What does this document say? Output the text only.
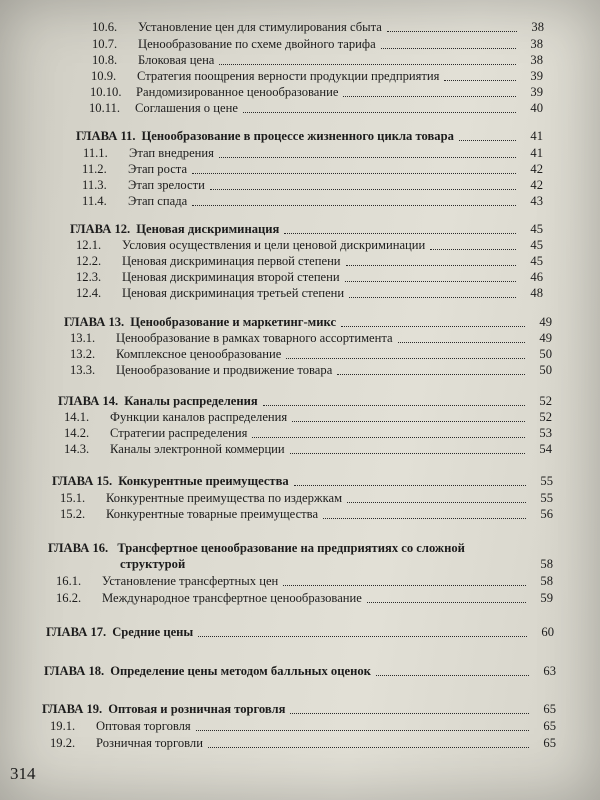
10.6.	Установление цен для стимулирования сбыта	38
10.7.	Ценообразование по схеме двойного тарифа	38
10.8.	Блоковая цена	38
10.9.	Стратегия поощрения верности продукции предприятия	39
10.10.	Рандомизированное ценообразование	39
10.11.	Соглашения о цене	40
ГЛАВА 11. Ценообразование в процессе жизненного цикла товара	41
11.1.	Этап внедрения	41
11.2.	Этап роста	42
11.3.	Этап зрелости	42
11.4.	Этап спада	43
ГЛАВА 12. Ценовая дискриминация	45
12.1.	Условия осуществления и цели ценовой дискриминации	45
12.2.	Ценовая дискриминация первой степени	45
12.3.	Ценовая дискриминация второй степени	46
12.4.	Ценовая дискриминация третьей степени	48
ГЛАВА 13. Ценообразование и маркетинг-микс	49
13.1.	Ценообразование в рамках товарного ассортимента	49
13.2.	Комплексное ценообразование	50
13.3.	Ценообразование и продвижение товара	50
ГЛАВА 14. Каналы распределения	52
14.1.	Функции каналов распределения	52
14.2.	Стратегии распределения	53
14.3.	Каналы электронной коммерции	54
ГЛАВА 15. Конкурентные преимущества	55
15.1.	Конкурентные преимущества по издержкам	55
15.2.	Конкурентные товарные преимущества	56
ГЛАВА 16. Трансфертное ценообразование на предприятиях со сложной
структурой	58
16.1.	Установление трансфертных цен	58
16.2.	Международное трансфертное ценообразование	59
ГЛАВА 17. Средние цены	60
ГЛАВА 18. Определение цены методом балльных оценок	63
ГЛАВА 19. Оптовая и розничная торговля	65
19.1.	Оптовая торговля	65
19.2.	Розничная торговли	65
314
